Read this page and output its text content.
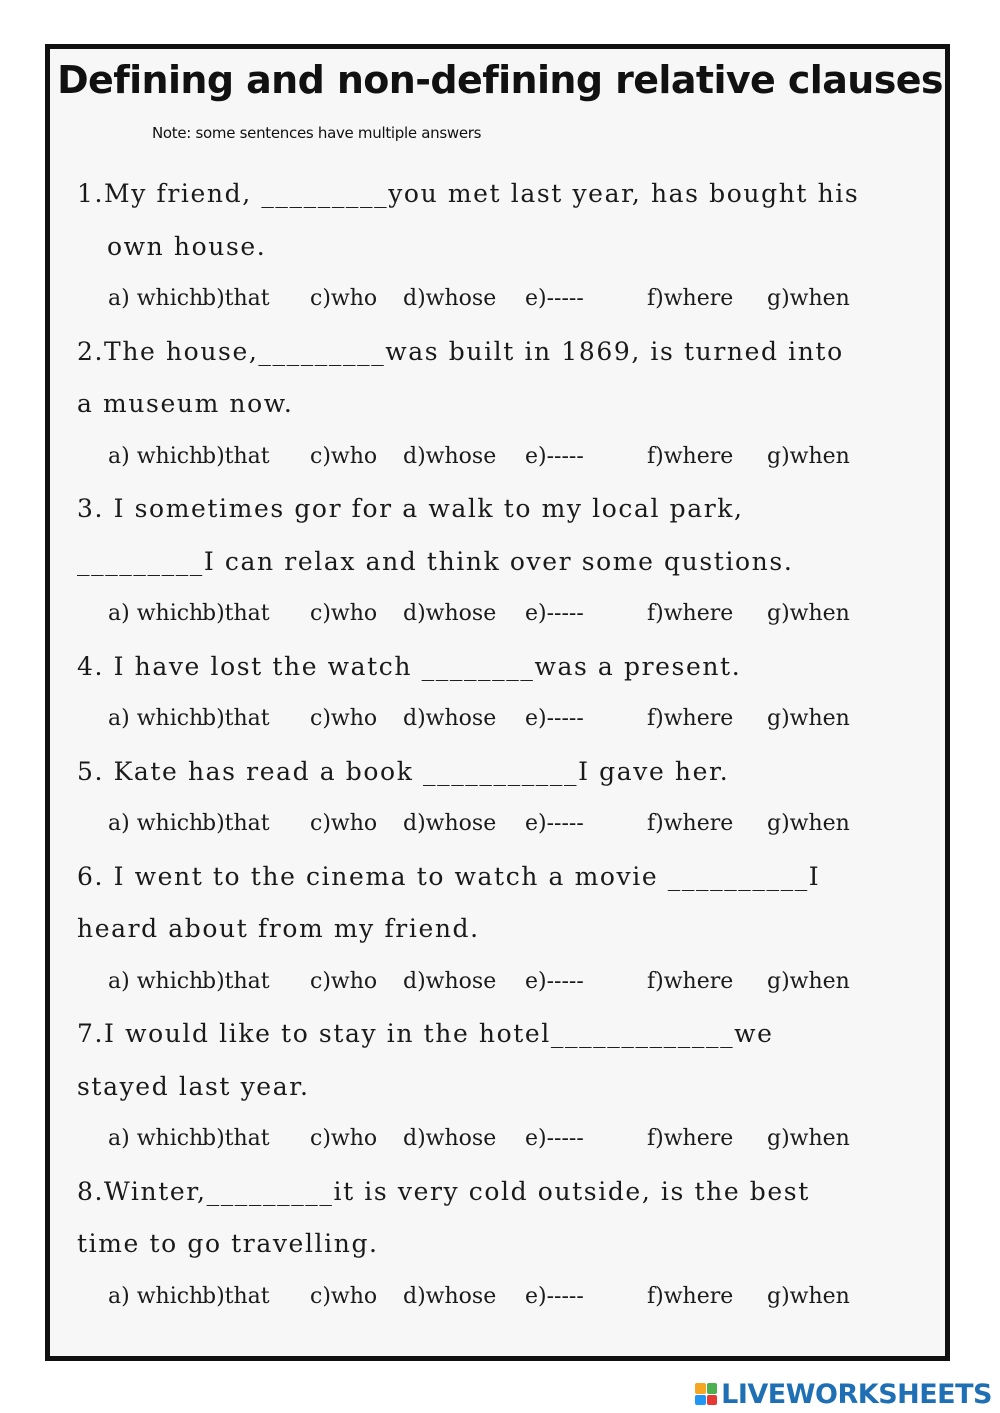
Defining and non-defining relative clauses
Note: some sentences have multiple answers
1.My friend, _________you met last year, has bought his
own house.
a) which
b)that	c)who	d)whose	e)-----	f)where	g)when
2.The house,_________was built in 1869, is turned into
a museum now.
a) which
b)that	c)who	d)whose	e)-----	f)where	g)when
3. I sometimes gor for a walk to my local park,
_________I can relax and think over some qustions.
a) which
b)that	c)who	d)whose	e)-----	f)where	g)when
4. I have lost the watch ________was a present.
a) which
b)that	c)who	d)whose	e)-----	f)where	g)when
5. Kate has read a book ___________I gave her.
a) which
b)that	c)who	d)whose	e)-----	f)where	g)when
6. I went to the cinema to watch a movie __________I
heard about from my friend.
a) which
b)that	c)who	d)whose	e)-----	f)where	g)when
7.I would like to stay in the hotel_____________we
stayed last year.
a) which
b)that	c)who	d)whose	e)-----	f)where	g)when
8.Winter,_________it is very cold outside, is the best
time to go travelling.
a) which
b)that	c)who	d)whose	e)-----	f)where	g)when
LIVEWORKSHEETS
